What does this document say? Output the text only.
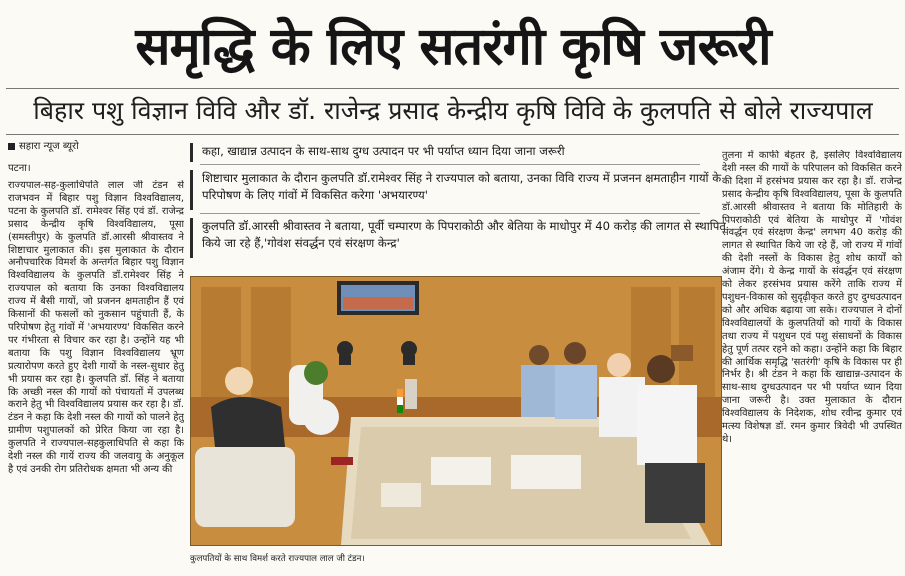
समृद्धि के लिए सतरंगी कृषि जरूरी
बिहार पशु विज्ञान विवि और डॉ. राजेन्द्र प्रसाद केन्द्रीय कृषि विवि के कुलपति से बोले राज्यपाल
सहारा न्यूज ब्यूरो
पटना।

राज्यपाल-सह-कुलाधिपति लाल जी टंडन से राजभवन में बिहार पशु विज्ञान विश्वविद्यालय, पटना के कुलपति डॉ. रामेश्वर सिंह एवं डॉ. राजेन्द्र प्रसाद केन्द्रीय कृषि विश्वविद्यालय, पूसा (समस्तीपुर) के कुलपति डॉ.आरसी श्रीवास्तव ने शिष्टाचार मुलाकात की। इस मुलाकात के दौरान अनौपचारिक विमर्श के अन्तर्गत बिहार पशु विज्ञान विश्वविद्यालय के कुलपति डॉ.रामेश्वर सिंह ने राज्यपाल को बताया कि उनका विश्वविद्यालय राज्य में बैसी गायों, जो प्रजनन क्षमताहीन हैं एवं किसानों की फसलों को नुकसान पहुंचाती हैं, के परिपोषण हेतु गांवों में 'अभयारण्य' विकसित करने पर गंभीरता से विचार कर रहा है। उन्होंने यह भी बताया कि पशु विज्ञान विश्वविद्यालय भ्रूण प्रत्यारोपण करते हुए देशी गायों के नस्ल-सुधार हेतु भी प्रयास कर रहा है। कुलपति डॉ. सिंह ने बताया कि अच्छी नस्ल की गायों को पंचायतों में उपलब्ध कराने हेतु भी विश्वविद्यालय प्रयास कर रहा है। डॉ. टंडन ने कहा कि देशी नस्ल की गायों को पालने हेतु ग्रामीण पशुपालकों को प्रेरित किया जा रहा है। कुलपति ने राज्यपाल-सहकुलाधिपति से कहा कि देशी नस्ल की गायें राज्य की जलवायु के अनुकूल है एवं उनकी रोग प्रतिरोधक क्षमता भी अन्य की

कहा, खाद्यान्न उत्पादन के साथ-साथ दुग्ध उत्पादन पर भी पर्याप्त ध्यान दिया जाना जरूरी
शिष्टाचार मुलाकात के दौरान कुलपति डॉ.रामेश्वर सिंह ने राज्यपाल को बताया, उनका विवि राज्य में प्रजनन क्षमताहीन गायों के परिपोषण के लिए गांवों में विकसित करेगा 'अभयारण्य'
कुलपति डॉ.आरसी श्रीवास्तव ने बताया, पूर्वी चम्पारण के पिपराकोठी और बेतिया के माधोपुर में 40 करोड़ की लागत से स्थापित किये जा रहे हैं,'गोवंश संवर्द्धन एवं संरक्षण केन्द्र'
कुलपतियों के साथ विमर्श करते राज्यपाल लाल जी टंडन।

तुलना में काफी बेहतर है, इसलिए विश्वविद्यालय देशी नस्ल की गायों के परिपालन को विकसित करने की दिशा में हरसंभव प्रयास कर रहा है। डॉ. राजेन्द्र प्रसाद केन्द्रीय कृषि विश्वविद्यालय, पूसा के कुलपति डॉ.आरसी श्रीवास्तव ने बताया कि मोतिहारी के पिपराकोठी एवं बेतिया के माधोपुर में 'गोवंश संवर्द्धन एवं संरक्षण केन्द्र' लगभग 40 करोड़ की लागत से स्थापित किये जा रहे हैं, जो राज्य में गांवों की देशी नस्लों के विकास हेतु शोध कार्यों को अंजाम देंगे। ये केन्द्र गायों के संवर्द्धन एवं संरक्षण को लेकर हरसंभव प्रयास करेंगे ताकि राज्य में पशुधन-विकास को सुदृढ़ीकृत करते हुए दुग्धउत्पादन को और अधिक बढ़ाया जा सके। राज्यपाल ने दोनों विश्वविद्यालयों के कुलपतियों को गायों के विकास तथा राज्य में पशुधन एवं पशु संसाधनों के विकास हेतु पूर्ण तत्पर रहने को कहा। उन्होंने कहा कि बिहार की आर्थिक समृद्धि 'सतरंगी' कृषि के विकास पर ही निर्भर है। श्री टंडन ने कहा कि खाद्यान्न-उत्पादन के साथ-साथ दुग्धउत्पादन पर भी पर्याप्त ध्यान दिया जाना जरूरी है। उक्त मुलाकात के दौरान विश्वविद्यालय के निदेशक, शोध रवीन्द्र कुमार एवं मत्स्य विशेषज्ञ डॉ. रमन कुमार त्रिवेदी भी उपस्थित थे।
